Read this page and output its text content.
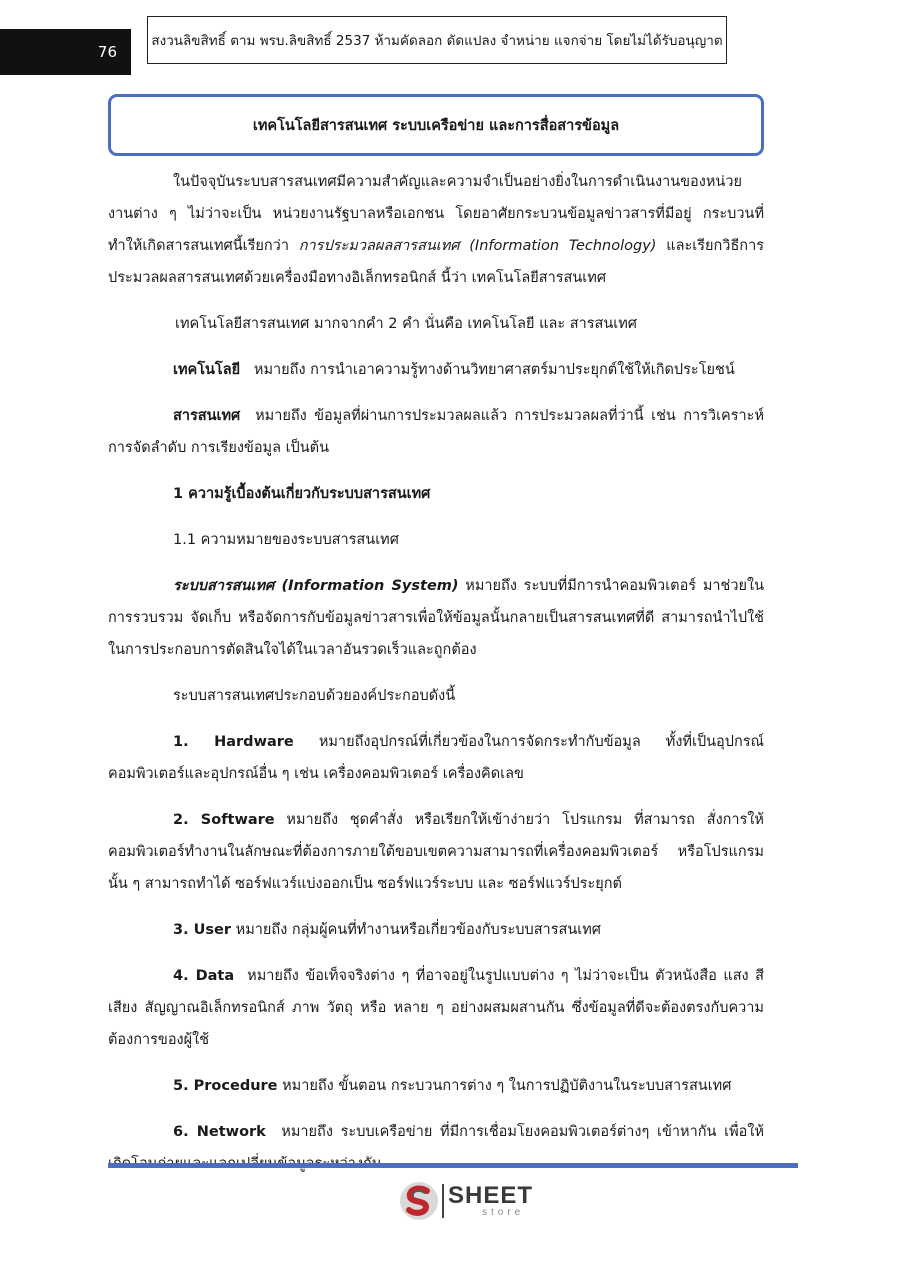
76
สงวนลิขสิทธิ์ ตาม พรบ.ลิขสิทธิ์ 2537 ห้ามคัดลอก ดัดแปลง จำหน่าย แจกจ่าย โดยไม่ได้รับอนุญาต
เทคโนโลยีสารสนเทศ ระบบเครือข่าย และการสื่อสารข้อมูล

ในปัจจุบันระบบสารสนเทศมีความสำคัญและความจำเป็นอย่างยิ่งในการดำเนินงานของหน่วยงานต่าง ๆ ไม่ว่าจะเป็น หน่วยงานรัฐบาลหรือเอกชน โดยอาศัยกระบวนข้อมูลข่าวสารที่มีอยู่ กระบวนที่ทำให้เกิดสารสนเทศนี้เรียกว่า การประมวลผลสารสนเทศ (Information Technology) และเรียกวิธีการประมวลผลสารสนเทศด้วยเครื่องมือทางอิเล็กทรอนิกส์ นี้ว่า เทคโนโลยีสารสนเทศ

เทคโนโลยีสารสนเทศ มากจากคำ 2 คำ นั่นคือ เทคโนโลยี และ สารสนเทศ

เทคโนโลยี หมายถึง การนำเอาความรู้ทางด้านวิทยาศาสตร์มาประยุกต์ใช้ให้เกิดประโยชน์

สารสนเทศ หมายถึง ข้อมูลที่ผ่านการประมวลผลแล้ว การประมวลผลที่ว่านี้ เช่น การวิเคราะห์ การจัดลำดับ การเรียงข้อมูล เป็นต้น

1 ความรู้เบื้องต้นเกี่ยวกับระบบสารสนเทศ

1.1 ความหมายของระบบสารสนเทศ

ระบบสารสนเทศ (Information System) หมายถึง ระบบที่มีการนำคอมพิวเตอร์ มาช่วยในการรวบรวม จัดเก็บ หรือจัดการกับข้อมูลข่าวสารเพื่อให้ข้อมูลนั้นกลายเป็นสารสนเทศที่ดี สามารถนำไปใช้ในการประกอบการตัดสินใจได้ในเวลาอันรวดเร็วและถูกต้อง

ระบบสารสนเทศประกอบด้วยองค์ประกอบดังนี้

1. Hardware หมายถึงอุปกรณ์ที่เกี่ยวข้องในการจัดกระทำกับข้อมูล ทั้งที่เป็นอุปกรณ์คอมพิวเตอร์และอุปกรณ์อื่น ๆ เช่น เครื่องคอมพิวเตอร์ เครื่องคิดเลข

2. Software หมายถึง ชุดคำสั่ง หรือเรียกให้เข้าง่ายว่า โปรแกรม ที่สามารถ สั่งการให้คอมพิวเตอร์ทำงานในลักษณะที่ต้องการภายใต้ขอบเขตความสามารถที่เครื่องคอมพิวเตอร์ หรือโปรแกรมนั้น ๆ สามารถทำได้ ซอร์ฟแวร์แบ่งออกเป็น ซอร์ฟแวร์ระบบ และ ซอร์ฟแวร์ประยุกต์

3. User หมายถึง กลุ่มผู้คนที่ทำงานหรือเกี่ยวข้องกับระบบสารสนเทศ

4. Data หมายถึง ข้อเท็จจริงต่าง ๆ ที่อาจอยู่ในรูปแบบต่าง ๆ ไม่ว่าจะเป็น ตัวหนังสือ แสง สี เสียง สัญญาณอิเล็กทรอนิกส์ ภาพ วัตถุ หรือ หลาย ๆ อย่างผสมผสานกัน ซึ่งข้อมูลที่ดีจะต้องตรงกับความต้องการของผู้ใช้

5. Procedure หมายถึง ขั้นตอน กระบวนการต่าง ๆ ในการปฏิบัติงานในระบบสารสนเทศ

6. Network หมายถึง ระบบเครือข่าย ที่มีการเชื่อมโยงคอมพิวเตอร์ต่างๆ เข้าหากัน เพื่อให้

SHEET
store
